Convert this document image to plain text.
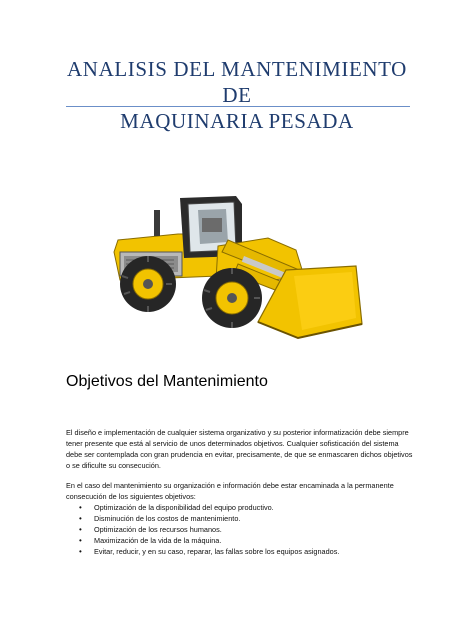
ANALISIS DEL MANTENIMIENTO DE
MAQUINARIA PESADA
Objetivos del Mantenimiento
El diseño e implementación de cualquier sistema organizativo y su posterior informatización debe siempre tener presente que está al servicio de unos determinados objetivos. Cualquier sofisticación del sistema debe ser contemplada con gran prudencia en evitar, precisamente, de que se enmascaren dichos objetivos o se dificulte su consecución.
En el caso del mantenimiento su organización e información debe estar encaminada a la permanente consecución de los siguientes objetivos:
• Optimización de la disponibilidad del equipo productivo.
• Disminución de los costos de mantenimiento.
• Optimización de los recursos humanos.
• Maximización de la vida de la máquina.
• Evitar, reducir, y en su caso, reparar, las fallas sobre los equipos asignados.
